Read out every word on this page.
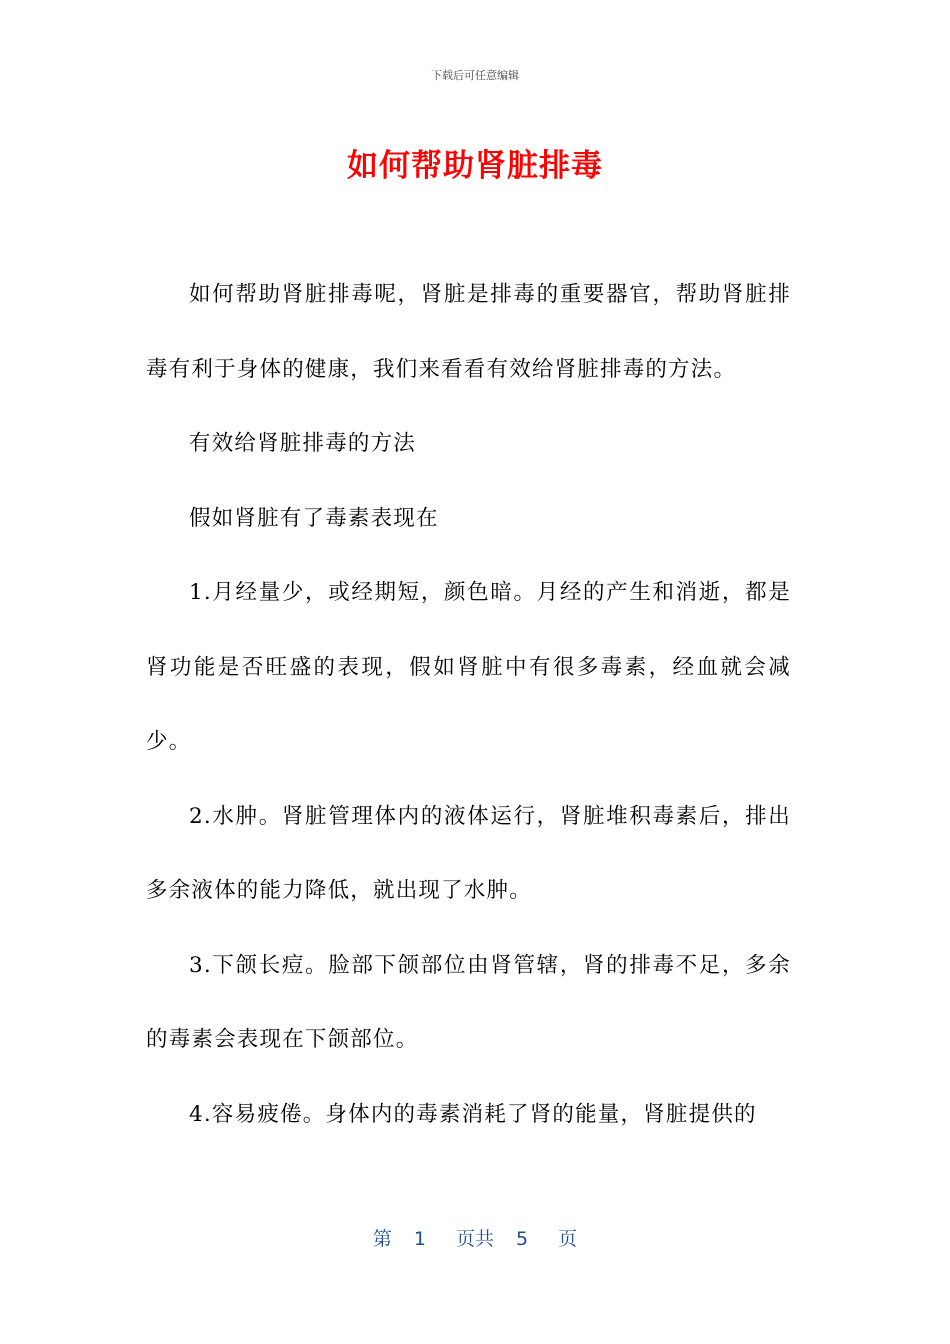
下载后可任意编辑
如何帮助肾脏排毒

如何帮助肾脏排毒呢，肾脏是排毒的重要器官，帮助肾脏排毒有利于身体的健康，我们来看看有效给肾脏排毒的方法。

有效给肾脏排毒的方法

假如肾脏有了毒素表现在

1.月经量少，或经期短，颜色暗。月经的产生和消逝，都是肾功能是否旺盛的表现，假如肾脏中有很多毒素，经血就会减少。

2.水肿。肾脏管理体内的液体运行，肾脏堆积毒素后，排出多余液体的能力降低，就出现了水肿。

3.下颌长痘。脸部下颌部位由肾管辖，肾的排毒不足，多余的毒素会表现在下颌部位。

4.容易疲倦。身体内的毒素消耗了肾的能量，肾脏提供的

第 1 页共 5 页
